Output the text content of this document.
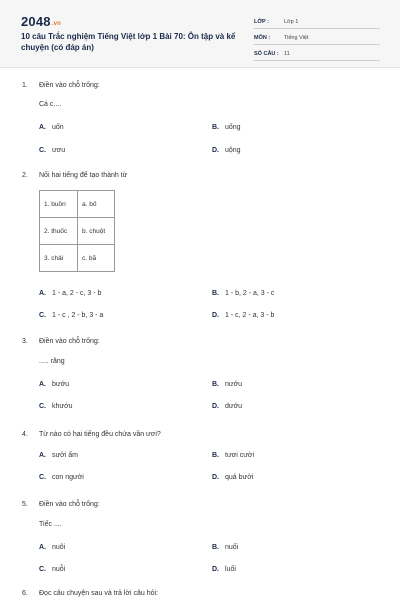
2048.vn
10 câu Trắc nghiệm Tiếng Việt lớp 1 Bài 70: Ôn tập và kể chuyện (có đáp án)
LỚP :	Lớp 1
MÔN :	Tiếng Việt
SỐ CÂU : 11
1. Điền vào chỗ trống:
Cá c....
A. uốn	B. uống
C. ươu	D. uộng
2. Nối hai tiếng để tạo thành từ
1. buồn	a. bố
2. thuốc	b. chuột
3. chải	c. bã
A. 1 - a, 2 - c, 3 - b	B. 1 - b, 2 - a, 3 - c
C. 1 - c , 2 - b, 3 - a	D. 1 - c, 2 - a, 3 - b
3. Điền vào chỗ trống:
..... răng
A. bướu	B. nướu
C. khướu	D. dướu
4. Từ nào có hai tiếng đều chứa vần ươi?
A. sưởi ấm	B. tươi cười
C. con người	D. quả bưởi
5. Điền vào chỗ trống:
Tiếc ....
A. nuôi	B. nuối
C. nuỗi	D. luối
6. Đọc câu chuyện sau và trả lời câu hỏi:
